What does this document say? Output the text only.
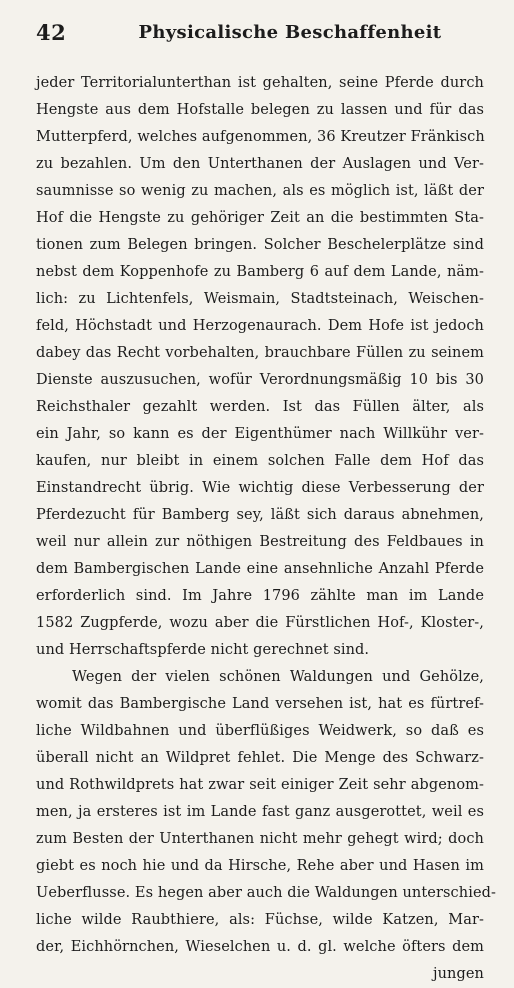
42	Physicalische Beschaffenheit
jeder Territorialunterthan ist gehalten, seine Pferde durch
Hengste aus dem Hofstalle belegen zu lassen und für das
Mutterpferd, welches aufgenommen, 36 Kreutzer Fränkisch
zu bezahlen. Um den Unterthanen der Auslagen und Ver-
saumnisse so wenig zu machen, als es möglich ist, läßt der
Hof die Hengste zu gehöriger Zeit an die bestimmten Sta-
tionen zum Belegen bringen. Solcher Beschelerplätze sind
nebst dem Koppenhofe zu Bamberg 6 auf dem Lande, näm-
lich: zu Lichtenfels, Weismain, Stadtsteinach, Weischen-
feld, Höchstadt und Herzogenaurach. Dem Hofe ist jedoch
dabey das Recht vorbehalten, brauchbare Füllen zu seinem
Dienste auszusuchen, wofür Verordnungsmäßig 10 bis 30
Reichsthaler gezahlt werden. Ist das Füllen älter, als
ein Jahr, so kann es der Eigenthümer nach Willkühr ver-
kaufen, nur bleibt in einem solchen Falle dem Hof das
Einstandrecht übrig. Wie wichtig diese Verbesserung der
Pferdezucht für Bamberg sey, läßt sich daraus abnehmen,
weil nur allein zur nöthigen Bestreitung des Feldbaues in
dem Bambergischen Lande eine ansehnliche Anzahl Pferde
erforderlich sind. Im Jahre 1796 zählte man im Lande
1582 Zugpferde, wozu aber die Fürstlichen Hof-, Kloster-,
und Herrschaftspferde nicht gerechnet sind.
Wegen der vielen schönen Waldungen und Gehölze,
womit das Bambergische Land versehen ist, hat es fürtref-
liche Wildbahnen und überflüßiges Weidwerk, so daß es
überall nicht an Wildpret fehlet. Die Menge des Schwarz-
und Rothwildprets hat zwar seit einiger Zeit sehr abgenom-
men, ja ersteres ist im Lande fast ganz ausgerottet, weil es
zum Besten der Unterthanen nicht mehr gehegt wird; doch
giebt es noch hie und da Hirsche, Rehe aber und Hasen im
Ueberflusse. Es hegen aber auch die Waldungen unterschied-
liche wilde Raubthiere, als: Füchse, wilde Katzen, Mar-
der, Eichhörnchen, Wieselchen u. d. gl. welche öfters dem
jungen
